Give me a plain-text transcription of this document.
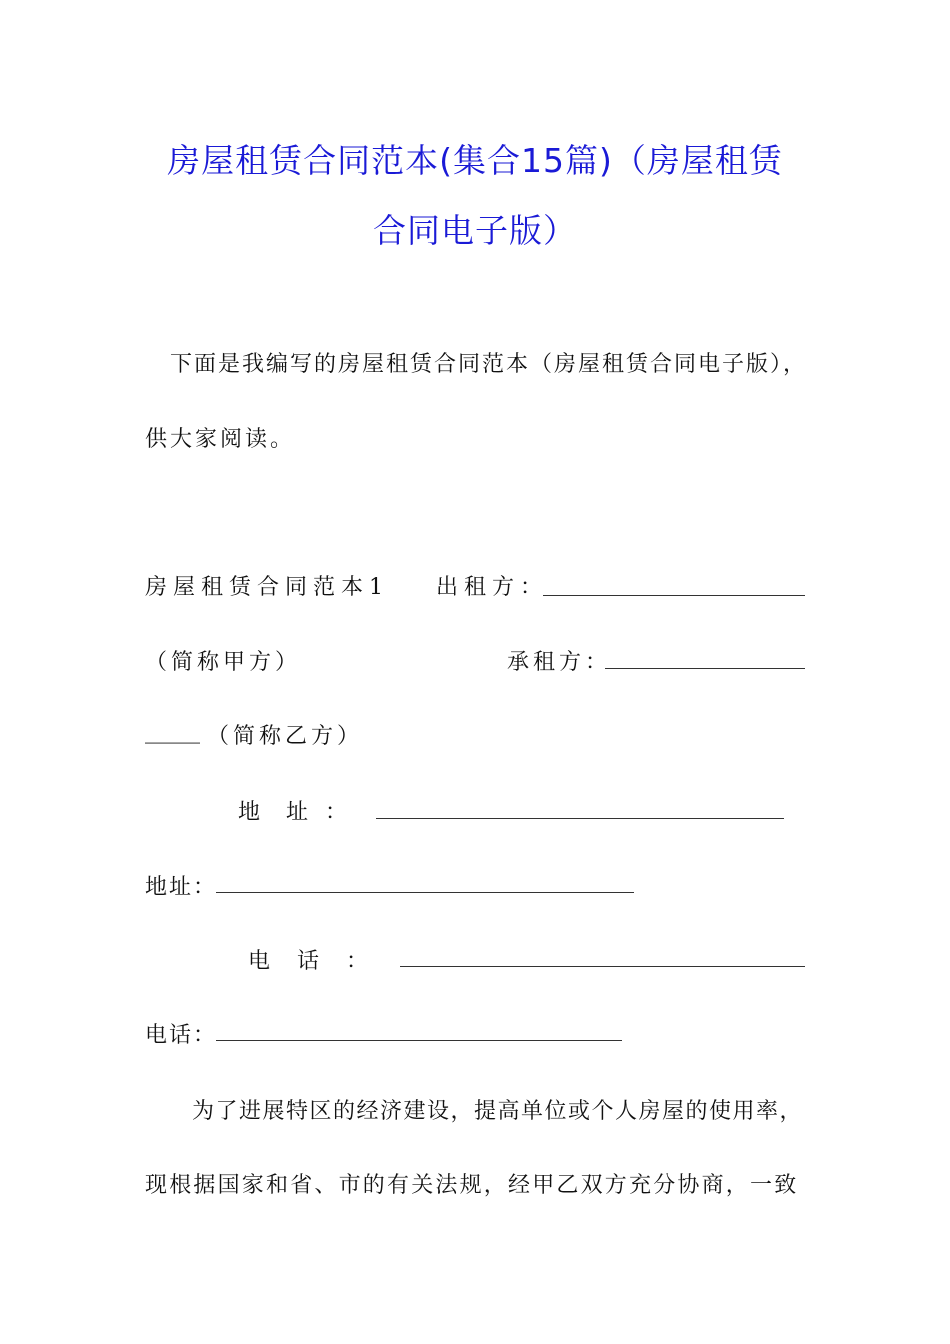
房屋租赁合同范本(集合15篇)（房屋租赁
合同电子版）
下面是我编写的房屋租赁合同范本（房屋租赁合同电子版），
供大家阅读。
房屋租赁合同范本1 出租方：
（简称甲方）	承租方：
_____ （简称乙方）
地 址 ：
地址：
电 话 ：
电话：
为了进展特区的经济建设，提高单位或个人房屋的使用率，
现根据国家和省、市的有关法规，经甲乙双方充分协商，一致
